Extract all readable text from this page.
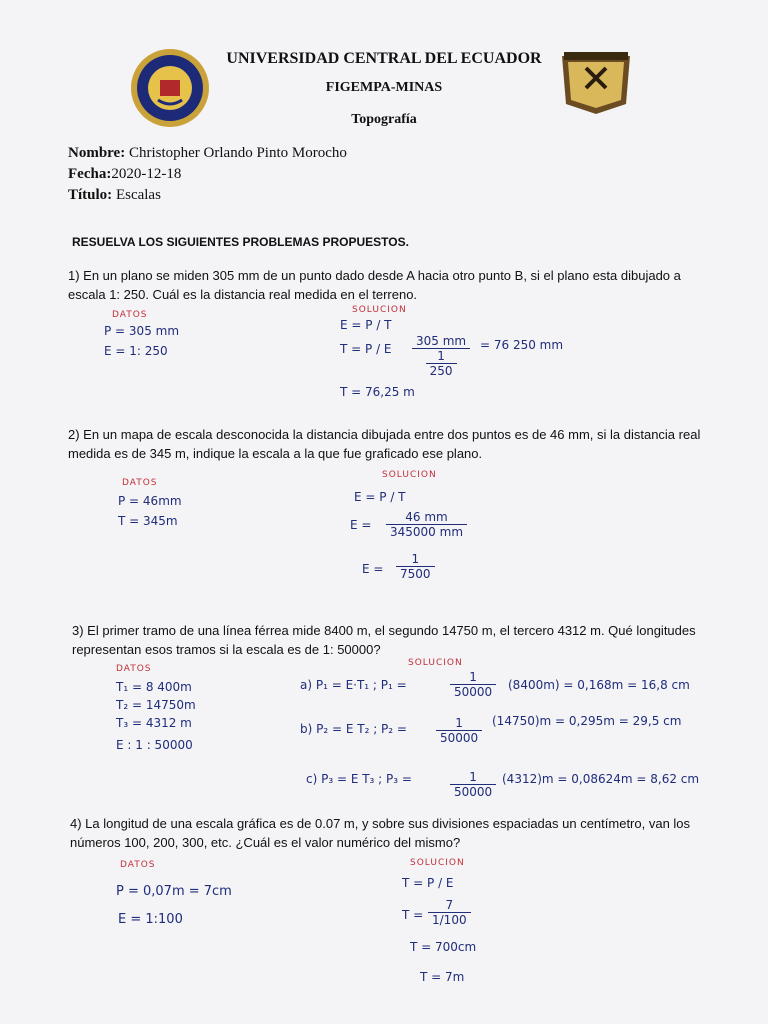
UNIVERSIDAD CENTRAL DEL ECUADOR
FIGEMPA-MINAS
Topografía
Nombre: Christopher Orlando Pinto Morocho
Fecha:2020-12-18
Título: Escalas
RESUELVA LOS SIGUIENTES PROBLEMAS PROPUESTOS.
1) En un plano se miden 305 mm de un punto dado desde A hacia otro punto B, si el plano esta dibujado a
escala 1: 250. Cuál es la distancia real medida en el terreno.
DATOS
P = 305 mm
E = 1: 250
SOLUCION
E = P / T
T = P / E $\frac{305 mm}{\frac{1}{250}} = 76$ 250 mm
T = 76,25 m
2) En un mapa de escala desconocida la distancia dibujada entre dos puntos es de 46 mm, si la distancia real
medida es de 345 m, indique la escala a la que fue graficado ese plano.
DATOS
P = 46mm
T = 345m
SOLUCION
E = P / T
$E = \frac{46 mm}{345000 mm}$
$E = \frac{1}{7500}$
3) El primer tramo de una línea férrea mide 8400 m, el segundo 14750 m, el tercero 4312 m. Qué longitudes
representan esos tramos si la escala es de 1: 50000?
DATOS
T₁ = 8 400m
T₂ = 14750m
T₃ = 4312 m
E : 1 : 50000
SOLUCION
a) P₁ = E·T₁ ; P₁ =	$\frac{1}{50000} (8400m) = 0,168m = 16,8$ cm
b) P₂ = E T₂ ; $P_2 = \frac{1}{50000} (14750)m = 0,295m = 29,5$ cm
c) P₃ = E T₃ ; P₃ =	$\frac{1}{50000} (4312)m = 0,08624m = 8,62$ cm
4) La longitud de una escala gráfica es de 0.07 m, y sobre sus divisiones espaciadas un centímetro, van los
números 100, 200, 300, etc. ¿Cuál es el valor numérico del mismo?
DATOS
P = 0,07m = 7cm
E = 1:100
SOLUCION
T = P / E
$T = \frac{7}{1/100}$
T = 700cm
T = 7m
